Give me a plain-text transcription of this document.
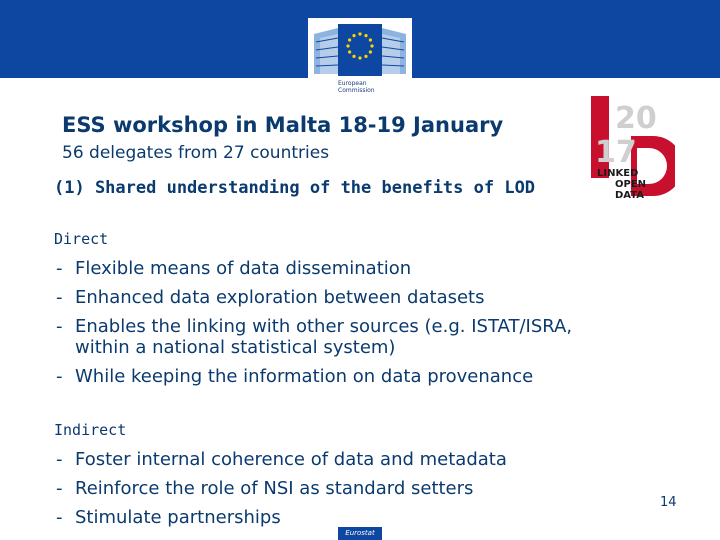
European
Commission
ESS workshop in Malta 18-19 January
56 delegates from 27 countries
20
17
LINKED
OPEN
DATA
(1) Shared understanding of the benefits of LOD
Direct
- Flexible means of data dissemination
- Enhanced data exploration between datasets
- Enables the linking with other sources (e.g. ISTAT/ISRA,
within a national statistical system)
- While keeping the information on data provenance
Indirect
- Foster internal coherence of data and metadata
- Reinforce the role of NSI as standard setters
- Stimulate partnerships
14
Eurostat
